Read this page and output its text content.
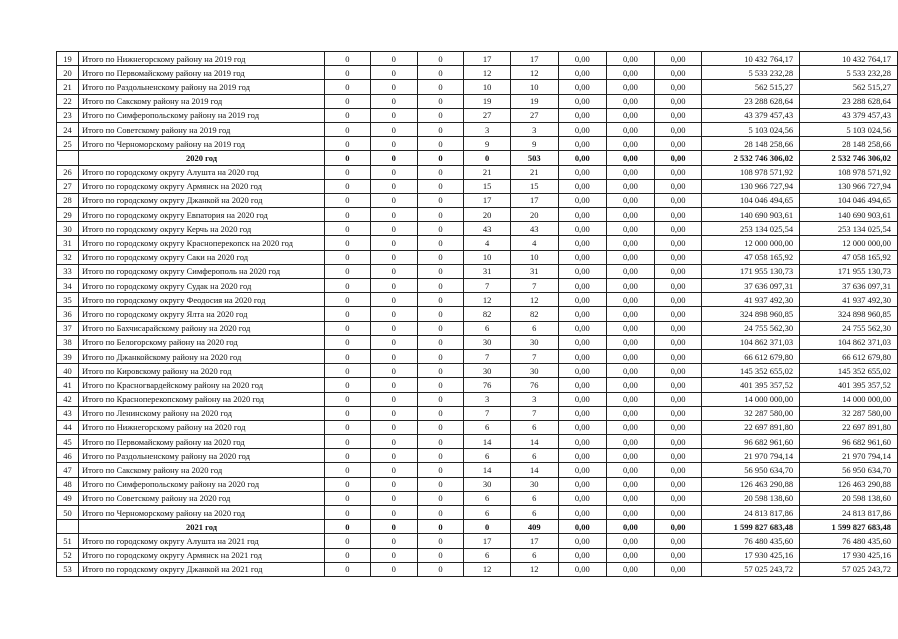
19	Итого по Нижнегорскому району на 2019 год	0	0	0	17	17	0,00	0,00	0,00	10 432 764,17	10 432 764,17
20	Итого по Первомайскому району на 2019 год	0	0	0	12	12	0,00	0,00	0,00	5 533 232,28	5 533 232,28
21	Итого по Раздольненскому району на 2019 год	0	0	0	10	10	0,00	0,00	0,00	562 515,27	562 515,27
22	Итого по Сакскому району на 2019 год	0	0	0	19	19	0,00	0,00	0,00	23 288 628,64	23 288 628,64
23	Итого по Симферопольскому району на 2019 год	0	0	0	27	27	0,00	0,00	0,00	43 379 457,43	43 379 457,43
24	Итого по Советскому району на 2019 год	0	0	0	3	3	0,00	0,00	0,00	5 103 024,56	5 103 024,56
25	Итого по Черноморскому району на 2019 год	0	0	0	9	9	0,00	0,00	0,00	28 148 258,66	28 148 258,66
	2020 год	0	0	0	0	503	0,00	0,00	0,00	2 532 746 306,02	2 532 746 306,02
26	Итого по городскому округу Алушта на 2020 год	0	0	0	21	21	0,00	0,00	0,00	108 978 571,92	108 978 571,92
27	Итого по городскому округу Армянск на 2020 год	0	0	0	15	15	0,00	0,00	0,00	130 966 727,94	130 966 727,94
28	Итого по городскому округу Джанкой на 2020 год	0	0	0	17	17	0,00	0,00	0,00	104 046 494,65	104 046 494,65
29	Итого по городскому округу Евпатория на 2020 год	0	0	0	20	20	0,00	0,00	0,00	140 690 903,61	140 690 903,61
30	Итого по городскому округу Керчь на 2020 год	0	0	0	43	43	0,00	0,00	0,00	253 134 025,54	253 134 025,54
31	Итого по городскому округу Красноперекопск на 2020 год	0	0	0	4	4	0,00	0,00	0,00	12 000 000,00	12 000 000,00
32	Итого по городскому округу Саки на 2020 год	0	0	0	10	10	0,00	0,00	0,00	47 058 165,92	47 058 165,92
33	Итого по городскому округу Симферополь на 2020 год	0	0	0	31	31	0,00	0,00	0,00	171 955 130,73	171 955 130,73
34	Итого по городскому округу Судак на 2020 год	0	0	0	7	7	0,00	0,00	0,00	37 636 097,31	37 636 097,31
35	Итого по городскому округу Феодосия на 2020 год	0	0	0	12	12	0,00	0,00	0,00	41 937 492,30	41 937 492,30
36	Итого по городскому округу Ялта на 2020 год	0	0	0	82	82	0,00	0,00	0,00	324 898 960,85	324 898 960,85
37	Итого по Бахчисарайскому району на 2020 год	0	0	0	6	6	0,00	0,00	0,00	24 755 562,30	24 755 562,30
38	Итого по Белогорскому району на 2020 год	0	0	0	30	30	0,00	0,00	0,00	104 862 371,03	104 862 371,03
39	Итого по Джанкойскому району на 2020 год	0	0	0	7	7	0,00	0,00	0,00	66 612 679,80	66 612 679,80
40	Итого по Кировскому району на 2020 год	0	0	0	30	30	0,00	0,00	0,00	145 352 655,02	145 352 655,02
41	Итого по Красногвардейскому району на 2020 год	0	0	0	76	76	0,00	0,00	0,00	401 395 357,52	401 395 357,52
42	Итого по Красноперекопскому району на 2020 год	0	0	0	3	3	0,00	0,00	0,00	14 000 000,00	14 000 000,00
43	Итого по Ленинскому району на 2020 год	0	0	0	7	7	0,00	0,00	0,00	32 287 580,00	32 287 580,00
44	Итого по Нижнегорскому району на 2020 год	0	0	0	6	6	0,00	0,00	0,00	22 697 891,80	22 697 891,80
45	Итого по Первомайскому району на 2020 год	0	0	0	14	14	0,00	0,00	0,00	96 682 961,60	96 682 961,60
46	Итого по Раздольненскому району на 2020 год	0	0	0	6	6	0,00	0,00	0,00	21 970 794,14	21 970 794,14
47	Итого по Сакскому району на 2020 год	0	0	0	14	14	0,00	0,00	0,00	56 950 634,70	56 950 634,70
48	Итого по Симферопольскому району на 2020 год	0	0	0	30	30	0,00	0,00	0,00	126 463 290,88	126 463 290,88
49	Итого по Советскому району на 2020 год	0	0	0	6	6	0,00	0,00	0,00	20 598 138,60	20 598 138,60
50	Итого по Черноморскому району на 2020 год	0	0	0	6	6	0,00	0,00	0,00	24 813 817,86	24 813 817,86
	2021 год	0	0	0	0	409	0,00	0,00	0,00	1 599 827 683,48	1 599 827 683,48
51	Итого по городскому округу Алушта на 2021 год	0	0	0	17	17	0,00	0,00	0,00	76 480 435,60	76 480 435,60
52	Итого по городскому округу Армянск на 2021 год	0	0	0	6	6	0,00	0,00	0,00	17 930 425,16	17 930 425,16
53	Итого по городскому округу Джанкой на 2021 год	0	0	0	12	12	0,00	0,00	0,00	57 025 243,72	57 025 243,72
